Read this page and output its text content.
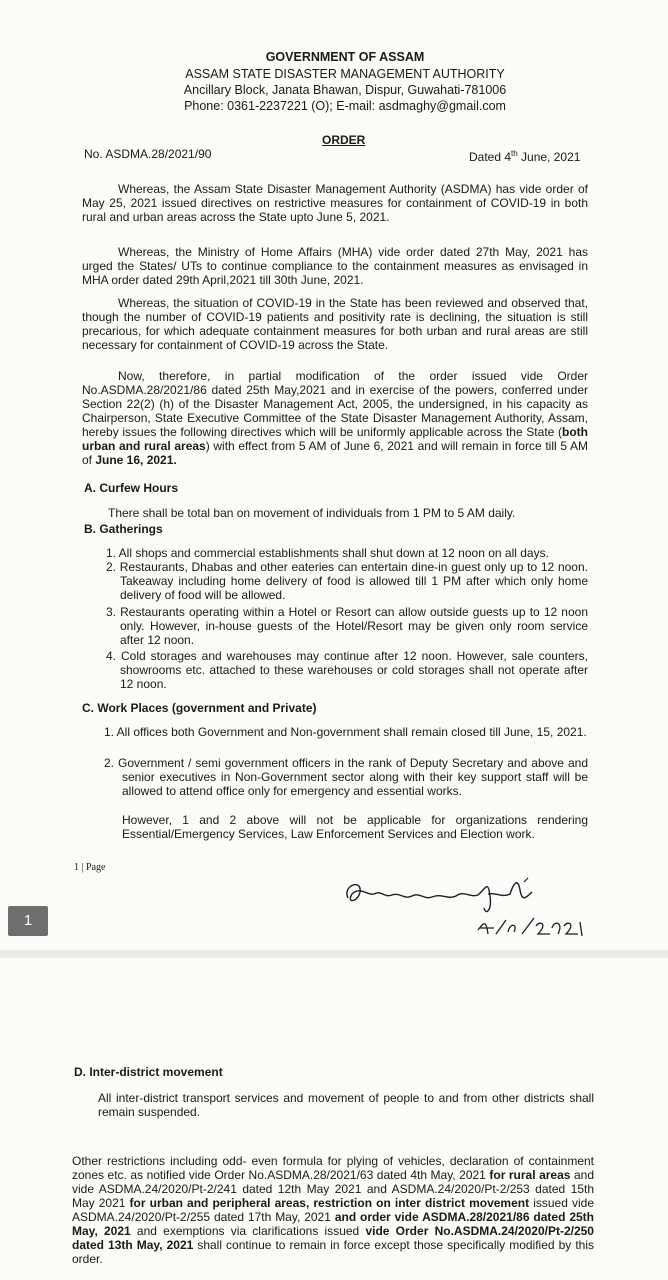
GOVERNMENT OF ASSAM
ASSAM STATE DISASTER MANAGEMENT AUTHORITY
Ancillary Block, Janata Bhawan, Dispur, Guwahati-781006
Phone: 0361-2237221 (O); E-mail: asdmaghy@gmail.com
ORDER
No. ASDMA.28/2021/90	Dated 4th June, 2021
Whereas, the Assam State Disaster Management Authority (ASDMA) has vide order of May 25, 2021 issued directives on restrictive measures for containment of COVID-19 in both rural and urban areas across the State upto June 5, 2021.
Whereas, the Ministry of Home Affairs (MHA) vide order dated 27th May, 2021 has urged the States/ UTs to continue compliance to the containment measures as envisaged in MHA order dated 29th April,2021 till 30th June, 2021.
Whereas, the situation of COVID-19 in the State has been reviewed and observed that, though the number of COVID-19 patients and positivity rate is declining, the situation is still precarious, for which adequate containment measures for both urban and rural areas are still necessary for containment of COVID-19 across the State.
Now, therefore, in partial modification of the order issued vide Order No.ASDMA.28/2021/86 dated 25th May,2021 and in exercise of the powers, conferred under Section 22(2) (h) of the Disaster Management Act, 2005, the undersigned, in his capacity as Chairperson, State Executive Committee of the State Disaster Management Authority, Assam, hereby issues the following directives which will be uniformly applicable across the State (both urban and rural areas) with effect from 5 AM of June 6, 2021 and will remain in force till 5 AM of June 16, 2021.
A. Curfew Hours
There shall be total ban on movement of individuals from 1 PM to 5 AM daily.
B. Gatherings
1. All shops and commercial establishments shall shut down at 12 noon on all days.
2. Restaurants, Dhabas and other eateries can entertain dine-in guest only up to 12 noon. Takeaway including home delivery of food is allowed till 1 PM after which only home delivery of food will be allowed.
3. Restaurants operating within a Hotel or Resort can allow outside guests up to 12 noon only. However, in-house guests of the Hotel/Resort may be given only room service after 12 noon.
4. Cold storages and warehouses may continue after 12 noon. However, sale counters, showrooms etc. attached to these warehouses or cold storages shall not operate after 12 noon.
C. Work Places (government and Private)
1. All offices both Government and Non-government shall remain closed till June, 15, 2021.
2. Government / semi government officers in the rank of Deputy Secretary and above and senior executives in Non-Government sector along with their key support staff will be allowed to attend office only for emergency and essential works.
However, 1 and 2 above will not be applicable for organizations rendering Essential/Emergency Services, Law Enforcement Services and Election work.
1 | Page
1
D. Inter-district movement
All inter-district transport services and movement of people to and from other districts shall remain suspended.
Other restrictions including odd- even formula for plying of vehicles, declaration of containment zones etc. as notified vide Order No.ASDMA.28/2021/63 dated 4th May, 2021 for rural areas and vide ASDMA.24/2020/Pt-2/241 dated 12th May 2021 and ASDMA.24/2020/Pt-2/253 dated 15th May 2021 for urban and peripheral areas, restriction on inter district movement issued vide ASDMA.24/2020/Pt-2/255 dated 17th May, 2021 and order vide ASDMA.28/2021/86 dated 25th May, 2021 and exemptions via clarifications issued vide Order No.ASDMA.24/2020/Pt-2/250 dated 13th May, 2021 shall continue to remain in force except those specifically modified by this order.
